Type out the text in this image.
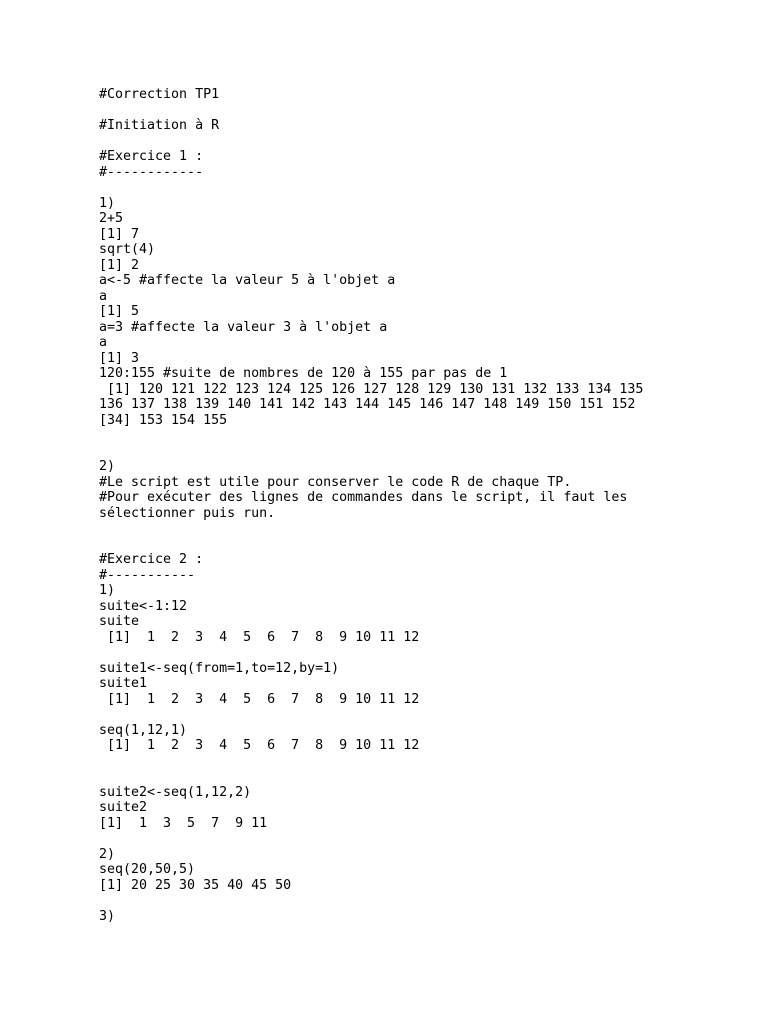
#Correction TP1
#Initiation à R
#Exercice 1 :
#------------
1)
2+5
[1] 7
sqrt(4)
[1] 2
a<-5 #affecte la valeur 5 à l'objet a
a
[1] 5
a=3 #affecte la valeur 3 à l'objet a
a
[1] 3
120:155 #suite de nombres de 120 à 155 par pas de 1
[1] 120 121 122 123 124 125 126 127 128 129 130 131 132 133 134 135
136 137 138 139 140 141 142 143 144 145 146 147 148 149 150 151 152
[34] 153 154 155
2)
#Le script est utile pour conserver le code R de chaque TP.
#Pour exécuter des lignes de commandes dans le script, il faut les
sélectionner puis run.
#Exercice 2 :
#-----------
1)
suite<-1:12
suite
[1]  1  2  3  4  5  6  7  8  9 10 11 12
suite1<-seq(from=1,to=12,by=1)
suite1
[1]  1  2  3  4  5  6  7  8  9 10 11 12
seq(1,12,1)
[1]  1  2  3  4  5  6  7  8  9 10 11 12
suite2<-seq(1,12,2)
suite2
[1]  1  3  5  7  9 11
2)
seq(20,50,5)
[1] 20 25 30 35 40 45 50
3)
